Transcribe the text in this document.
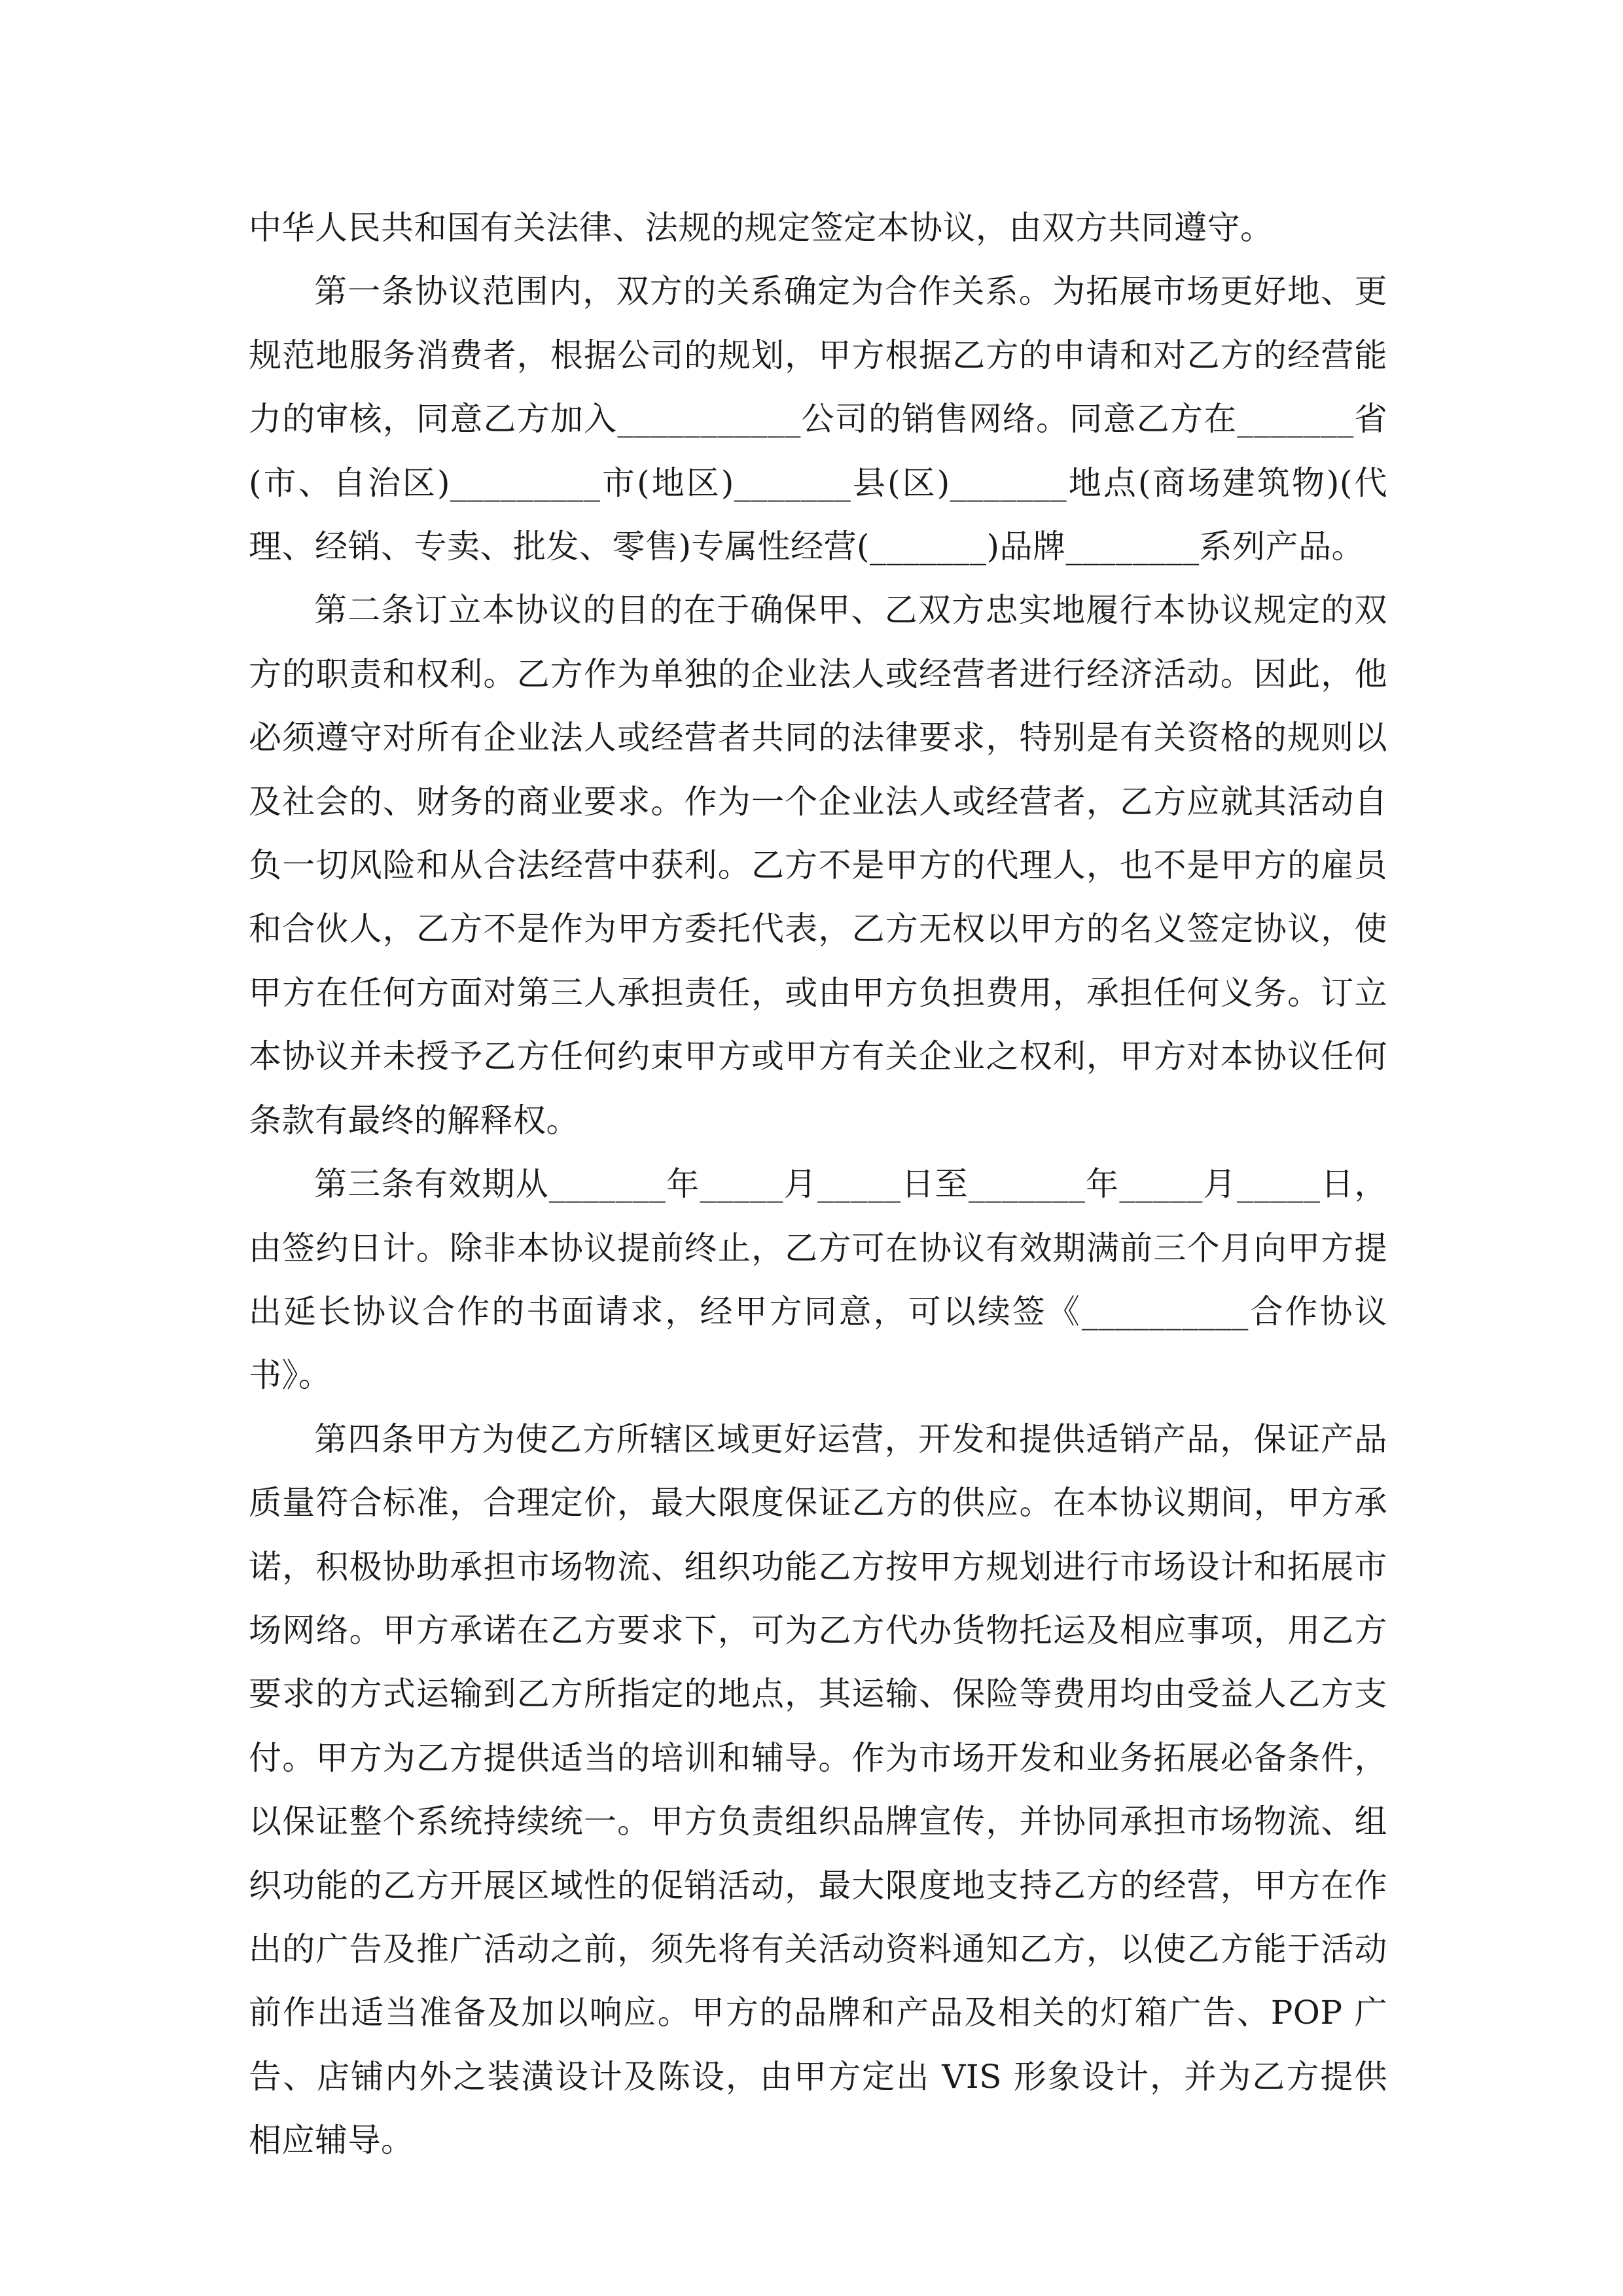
中华人民共和国有关法律、法规的规定签定本协议，由双方共同遵守。

第一条协议范围内，双方的关系确定为合作关系。为拓展市场更好地、更规范地服务消费者，根据公司的规划，甲方根据乙方的申请和对乙方的经营能力的审核，同意乙方加入___________公司的销售网络。同意乙方在_______省(市、自治区)_________市(地区)_______县(区)_______地点(商场建筑物)(代理、经销、专卖、批发、零售)专属性经营(_______)品牌________系列产品。

第二条订立本协议的目的在于确保甲、乙双方忠实地履行本协议规定的双方的职责和权利。乙方作为单独的企业法人或经营者进行经济活动。因此，他必须遵守对所有企业法人或经营者共同的法律要求，特别是有关资格的规则以及社会的、财务的商业要求。作为一个企业法人或经营者，乙方应就其活动自负一切风险和从合法经营中获利。乙方不是甲方的代理人，也不是甲方的雇员和合伙人，乙方不是作为甲方委托代表，乙方无权以甲方的名义签定协议，使甲方在任何方面对第三人承担责任，或由甲方负担费用，承担任何义务。订立本协议并未授予乙方任何约束甲方或甲方有关企业之权利，甲方对本协议任何条款有最终的解释权。

第三条有效期从_______年_____月_____日至_______年_____月_____日，由签约日计。除非本协议提前终止，乙方可在协议有效期满前三个月向甲方提出延长协议合作的书面请求，经甲方同意，可以续签《__________合作协议书》。

第四条甲方为使乙方所辖区域更好运营，开发和提供适销产品，保证产品质量符合标准，合理定价，最大限度保证乙方的供应。在本协议期间，甲方承诺，积极协助承担市场物流、组织功能乙方按甲方规划进行市场设计和拓展市场网络。甲方承诺在乙方要求下，可为乙方代办货物托运及相应事项，用乙方要求的方式运输到乙方所指定的地点，其运输、保险等费用均由受益人乙方支付。甲方为乙方提供适当的培训和辅导。作为市场开发和业务拓展必备条件，以保证整个系统持续统一。甲方负责组织品牌宣传，并协同承担市场物流、组织功能的乙方开展区域性的促销活动，最大限度地支持乙方的经营，甲方在作出的广告及推广活动之前，须先将有关活动资料通知乙方，以使乙方能于活动前作出适当准备及加以响应。甲方的品牌和产品及相关的灯箱广告、POP 广告、店铺内外之装潢设计及陈设，由甲方定出 VIS 形象设计，并为乙方提供相应辅导。
